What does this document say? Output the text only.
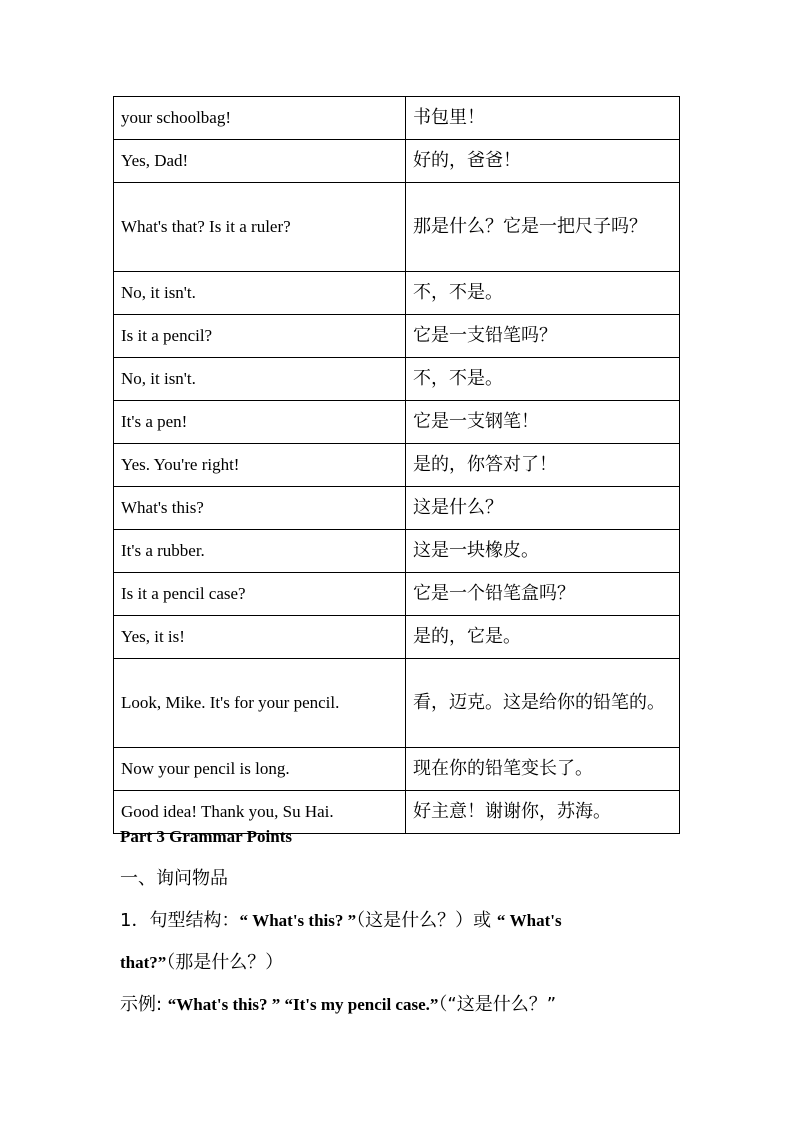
your schoolbag!	书包里！
Yes, Dad!	好的，爸爸！
What's that? Is it a ruler?	那是什么？它是一把尺子吗？
No, it isn't.	不，不是。
Is it a pencil?	它是一支铅笔吗？
No, it isn't.	不，不是。
It's a pen!	它是一支钢笔！
Yes. You're right!	是的，你答对了！
What's this?	这是什么？
It's a rubber.	这是一块橡皮。
Is it a pencil case?	它是一个铅笔盒吗？
Yes, it is!	是的，它是。
Look, Mike. It's for your pencil.	看，迈克。这是给你的铅笔的。
Now your pencil is long.	现在你的铅笔变长了。
Good idea! Thank you, Su Hai.	好主意！谢谢你，苏海。
Part 3 Grammar Points
一、询问物品
1．句型结构：“ What's this? ”（这是什么？）或 “ What's
that?”（那是什么？）
示例: “What's this? ” “It's my pencil case.”（“这是什么？”
